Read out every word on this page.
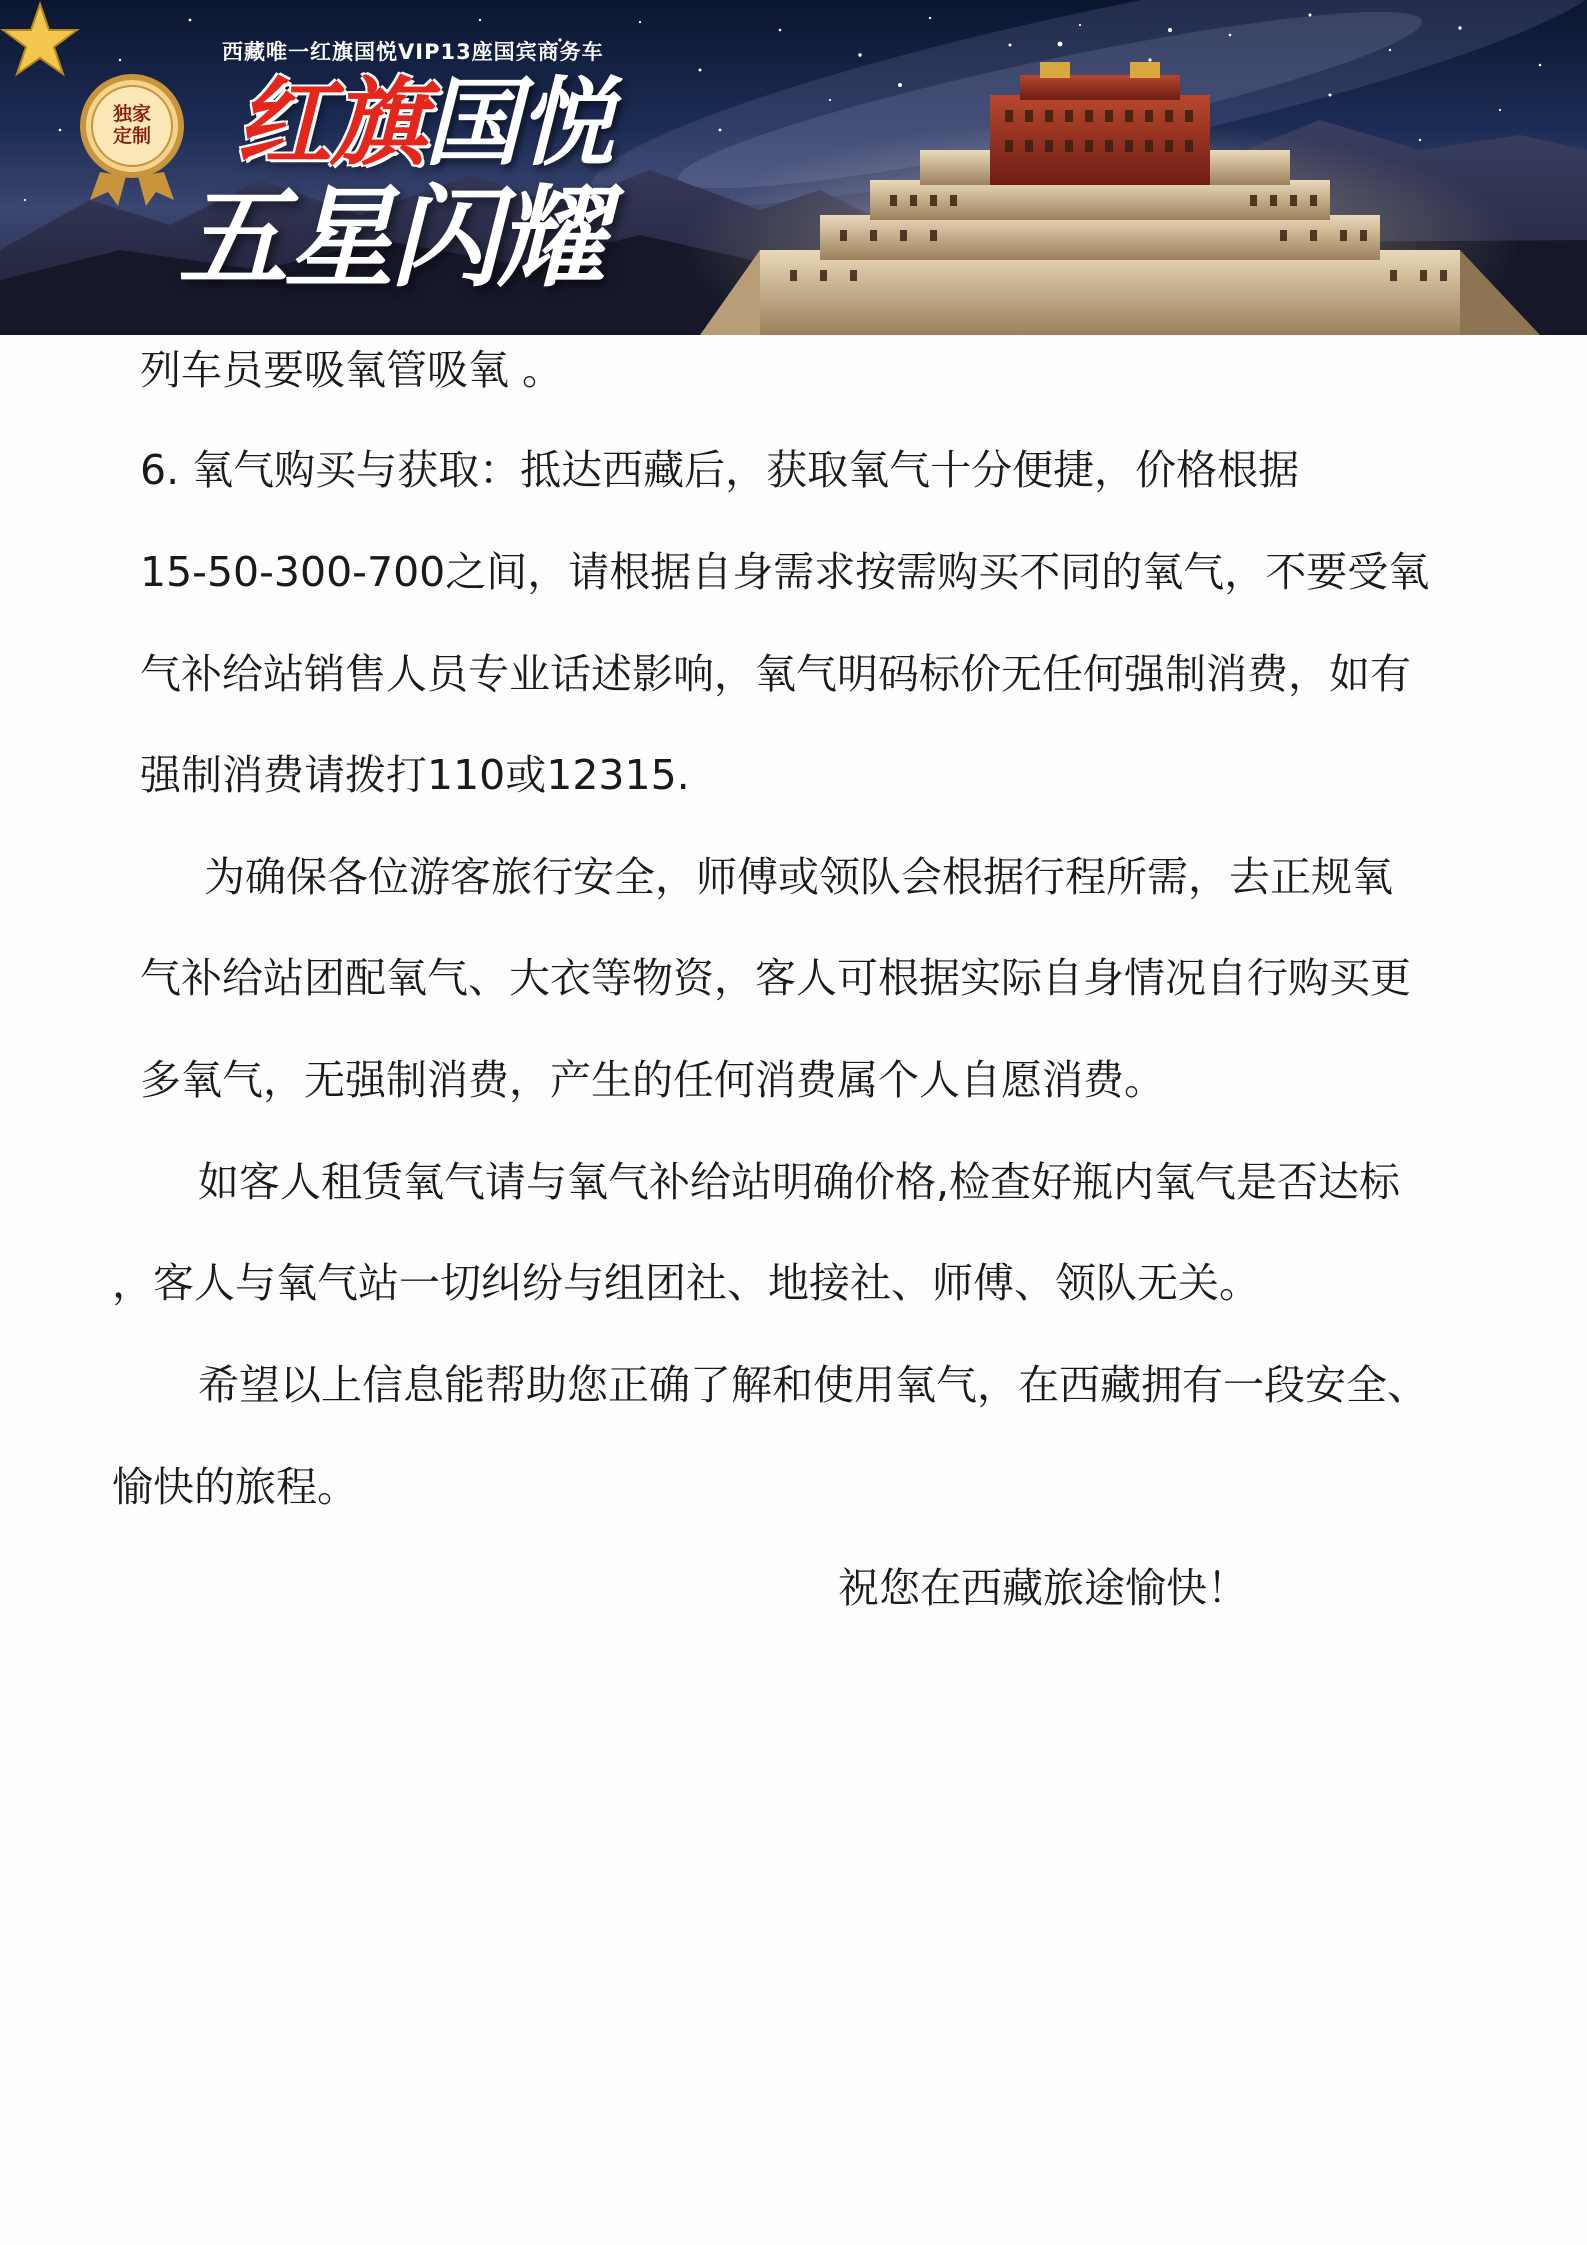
西藏唯一红旗国悦VIP13座国宾商务车
独家
定制 红旗国悦
五星闪耀
列车员要吸氧管吸氧 。
6. 氧气购买与获取：抵达西藏后，获取氧气十分便捷，价格根据
15-50-300-700之间，请根据自身需求按需购买不同的氧气，不要受氧
气补给站销售人员专业话述影响，氧气明码标价无任何强制消费，如有
强制消费请拨打110或12315.
为确保各位游客旅行安全，师傅或领队会根据行程所需，去正规氧
气补给站团配氧气、大衣等物资，客人可根据实际自身情况自行购买更
多氧气，无强制消费，产生的任何消费属个人自愿消费。
如客人租赁氧气请与氧气补给站明确价格,检查好瓶内氧气是否达标
，客人与氧气站一切纠纷与组团社、地接社、师傅、领队无关。
希望以上信息能帮助您正确了解和使用氧气，在西藏拥有一段安全、
愉快的旅程。
祝您在西藏旅途愉快！
